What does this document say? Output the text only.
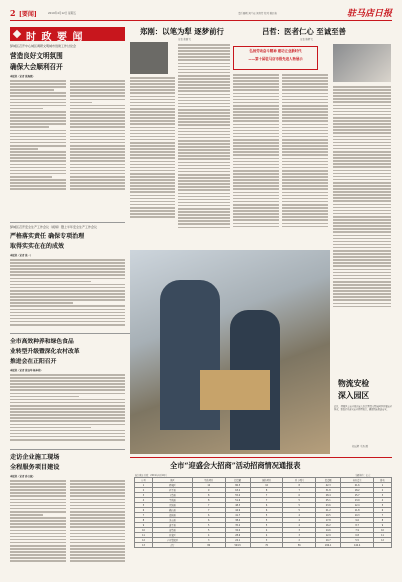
2 [要闻]	2019年4月12日 星期五	责任编辑 刘兰花 刘青竹 校对 陈红艳	驻马店日报
时 政 要 闻
驿城区召开中心城区调研文明城市创建工作讨论会
营造良好文明氛围
确保大会顺利召开
本报讯（记者 张海燕）
驿城区召开安全生产工作会议（视频）暨上半年安全生产工作会议
严格落实责任 确保专项治理
取得实实在在的成效
本报讯（记者 张一）
全市高效种养和绿色食品
业转型升级暨深化农村改革
推进会在正阳召开
本报讯（记者 张钰华 杨本珍）
走访企业施工现场
全程服务项目建设
本报讯（记者 孙立斌）
郑刚：以笔为犁 逐梦前行
记者 张丽飞
吕哲：医者仁心 至诚至善
记者 陈辉飞
弘扬劳动奋斗精神 建功立业新时代
——第十届驻马店市级先进人物展示
物流安检
深入园区
近日，驿城区公安分局治安大队民警深入物流园区开展安全检查，督促企业落实安全管理制度，确保物流寄递安全。
刘云辉 王浩 摄
全市“迎盛会大招商”活动招商情况通报表
统计截止日期：2019年4月10日	金额单位：亿元
序号	县区	签约项目	投资额	履约项目	开工项目	投资额	省外资金	排名
1	驿城区	12	86.5	10	8	42.3	21.6	1
2	西平县	9	63.2	8	7	31.8	18.2	2
3	上蔡县	8	55.0	7	6	28.4	15.7	3
4	平舆县	8	51.6	7	5	25.1	13.9	4
5	正阳县	7	48.3	6	5	23.6	12.4	5
6	确山县	7	44.9	6	5	21.2	11.8	6
7	泌阳县	6	41.7	5	4	19.5	10.3	7
8	汝南县	6	38.4	5	4	17.8	9.6	8
9	遂平县	5	35.2	5	4	16.2	8.7	9
10	新蔡县	5	32.0	4	3	14.6	7.9	10
11	开发区	4	28.6	4	3	12.9	6.8	11
12	产业集聚区	3	24.1	3	2	10.7	5.5	12
13	合计	80	549.5	70	56	264.1	142.4	
